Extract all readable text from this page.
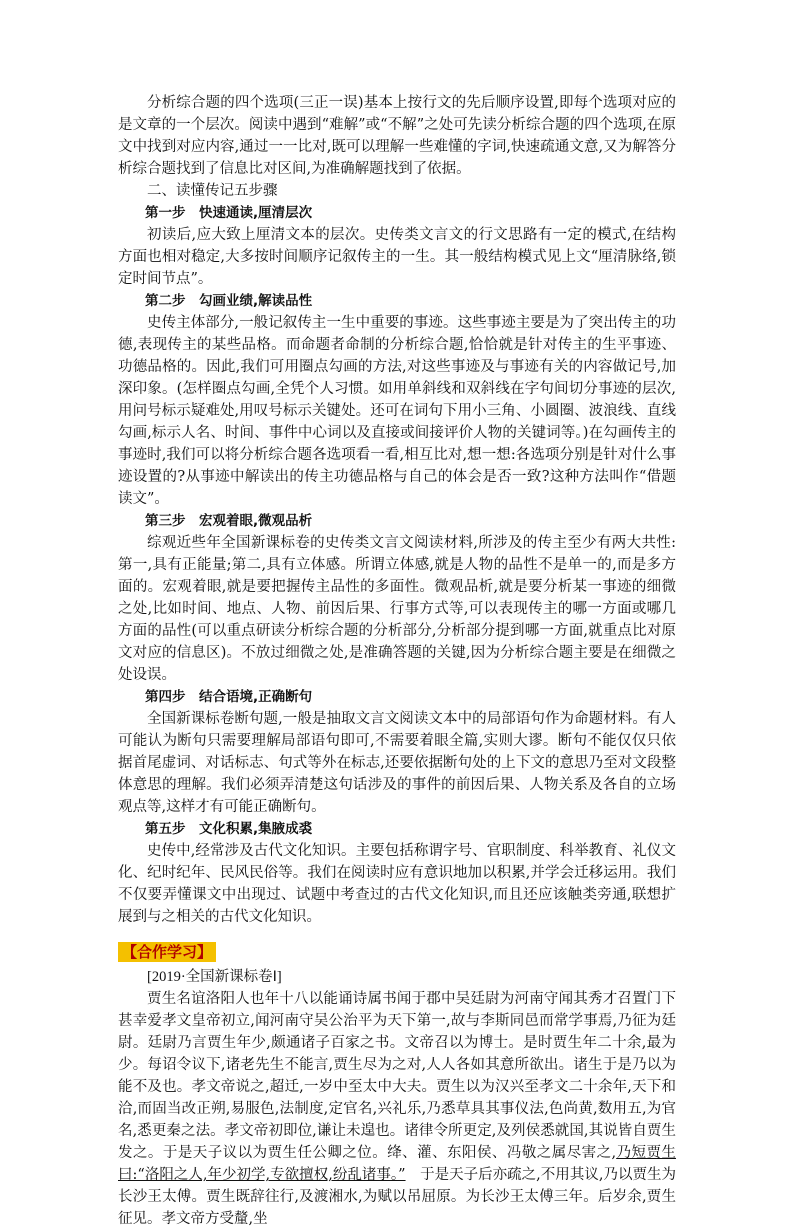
分析综合题的四个选项(三正一误)基本上按行文的先后顺序设置,即每个选项对应的是文章的一个层次。阅读中遇到“难解”或“不解”之处可先读分析综合题的四个选项,在原文中找到对应内容,通过一一比对,既可以理解一些难懂的字词,快速疏通文意,又为解答分析综合题找到了信息比对区间,为准确解题找到了依据。

二、读懂传记五步骤

第一步　快速通读,厘清层次

初读后,应大致上厘清文本的层次。史传类文言文的行文思路有一定的模式,在结构方面也相对稳定,大多按时间顺序记叙传主的一生。其一般结构模式见上文“厘清脉络,锁定时间节点”。

第二步　勾画业绩,解读品性

史传主体部分,一般记叙传主一生中重要的事迹。这些事迹主要是为了突出传主的功德,表现传主的某些品格。而命题者命制的分析综合题,恰恰就是针对传主的生平事迹、功德品格的。因此,我们可用圈点勾画的方法,对这些事迹及与事迹有关的内容做记号,加深印象。(怎样圈点勾画,全凭个人习惯。如用单斜线和双斜线在字句间切分事迹的层次,用问号标示疑难处,用叹号标示关键处。还可在词句下用小三角、小圆圈、波浪线、直线勾画,标示人名、时间、事件中心词以及直接或间接评价人物的关键词等。)在勾画传主的事迹时,我们可以将分析综合题各选项看一看,相互比对,想一想:各选项分别是针对什么事迹设置的?从事迹中解读出的传主功德品格与自己的体会是否一致?这种方法叫作“借题读文”。

第三步　宏观着眼,微观品析

综观近些年全国新课标卷的史传类文言文阅读材料,所涉及的传主至少有两大共性:第一,具有正能量;第二,具有立体感。所谓立体感,就是人物的品性不是单一的,而是多方面的。宏观着眼,就是要把握传主品性的多面性。微观品析,就是要分析某一事迹的细微之处,比如时间、地点、人物、前因后果、行事方式等,可以表现传主的哪一方面或哪几方面的品性(可以重点研读分析综合题的分析部分,分析部分提到哪一方面,就重点比对原文对应的信息区)。不放过细微之处,是准确答题的关键,因为分析综合题主要是在细微之处设误。

第四步　结合语境,正确断句

全国新课标卷断句题,一般是抽取文言文阅读文本中的局部语句作为命题材料。有人可能认为断句只需要理解局部语句即可,不需要着眼全篇,实则大谬。断句不能仅仅只依据首尾虚词、对话标志、句式等外在标志,还要依据断句处的上下文的意思乃至对文段整体意思的理解。我们必须弄清楚这句话涉及的事件的前因后果、人物关系及各自的立场观点等,这样才有可能正确断句。

第五步　文化积累,集腋成裘

史传中,经常涉及古代文化知识。主要包括称谓字号、官职制度、科举教育、礼仪文化、纪时纪年、民风民俗等。我们在阅读时应有意识地加以积累,并学会迁移运用。我们不仅要弄懂课文中出现过、试题中考查过的古代文化知识,而且还应该触类旁通,联想扩展到与之相关的古代文化知识。

【合作学习】

[2019·全国新课标卷Ⅰ]

贾生名谊洛阳人也年十八以能诵诗属书闻于郡中吴廷尉为河南守闻其秀才召置门下甚幸爱孝文皇帝初立,闻河南守吴公治平为天下第一,故与李斯同邑而常学事焉,乃征为廷尉。廷尉乃言贾生年少,颇通诸子百家之书。文帝召以为博士。是时贾生年二十余,最为少。每诏令议下,诸老先生不能言,贾生尽为之对,人人各如其意所欲出。诸生于是乃以为能不及也。孝文帝说之,超迁,一岁中至太中大夫。贾生以为汉兴至孝文二十余年,天下和洽,而固当改正朔,易服色,法制度,定官名,兴礼乐,乃悉草具其事仪法,色尚黄,数用五,为官名,悉更秦之法。孝文帝初即位,谦让未遑也。诸律令所更定,及列侯悉就国,其说皆自贾生发之。于是天子议以为贾生任公卿之位。绛、灌、东阳侯、冯敬之属尽害之,乃短贾生曰:“洛阳之人,年少初学,专欲擅权,纷乱诸事。”　 于是天子后亦疏之,不用其议,乃以贾生为长沙王太傅。贾生既辞往行,及渡湘水,为赋以吊屈原。为长沙王太傅三年。后岁余,贾生征见。孝文帝方受釐,坐
